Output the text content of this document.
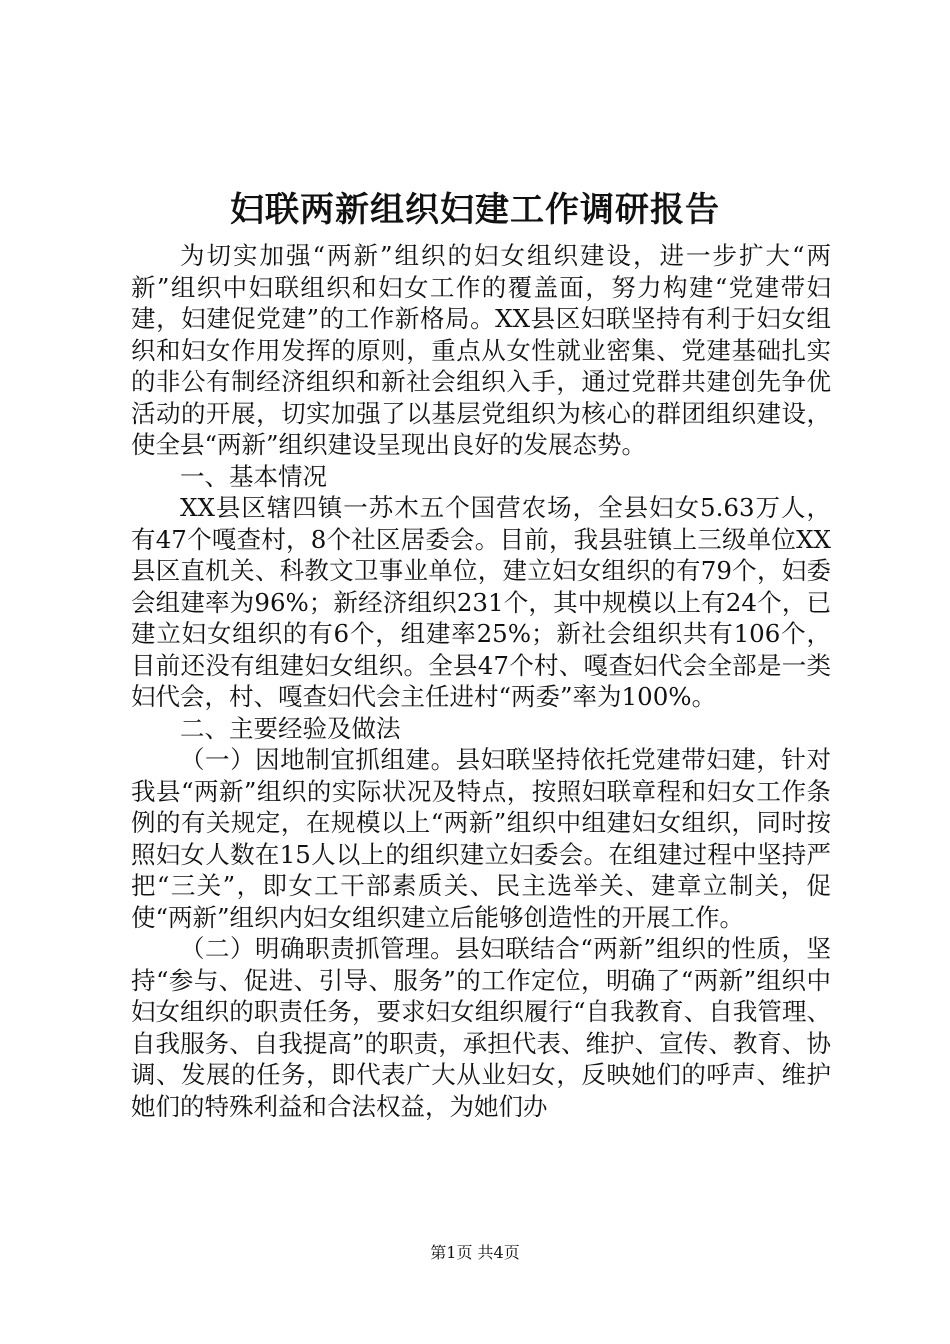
妇联两新组织妇建工作调研报告

为切实加强“两新”组织的妇女组织建设，进一步扩大“两新”组织中妇联组织和妇女工作的覆盖面，努力构建“党建带妇建，妇建促党建”的工作新格局。XX县区妇联坚持有利于妇女组织和妇女作用发挥的原则，重点从女性就业密集、党建基础扎实的非公有制经济组织和新社会组织入手，通过党群共建创先争优活动的开展，切实加强了以基层党组织为核心的群团组织建设，使全县“两新”组织建设呈现出良好的发展态势。

一、基本情况

XX县区辖四镇一苏木五个国营农场，全县妇女5.63万人，有47个嘎查村，8个社区居委会。目前，我县驻镇上三级单位XX县区直机关、科教文卫事业单位，建立妇女组织的有79个，妇委会组建率为96%；新经济组织231个，其中规模以上有24个，已建立妇女组织的有6个，组建率25%；新社会组织共有106个，目前还没有组建妇女组织。全县47个村、嘎查妇代会全部是一类妇代会，村、嘎查妇代会主任进村“两委”率为100%。

二、主要经验及做法

（一）因地制宜抓组建。县妇联坚持依托党建带妇建，针对我县“两新”组织的实际状况及特点，按照妇联章程和妇女工作条例的有关规定，在规模以上“两新”组织中组建妇女组织，同时按照妇女人数在15人以上的组织建立妇委会。在组建过程中坚持严把“三关”，即女工干部素质关、民主选举关、建章立制关，促使“两新”组织内妇女组织建立后能够创造性的开展工作。

（二）明确职责抓管理。县妇联结合“两新”组织的性质，坚持“参与、促进、引导、服务”的工作定位，明确了“两新”组织中妇女组织的职责任务，要求妇女组织履行“自我教育、自我管理、自我服务、自我提高”的职责，承担代表、维护、宣传、教育、协调、发展的任务，即代表广大从业妇女，反映她们的呼声、维护她们的特殊利益和合法权益，为她们办

第1页 共4页
